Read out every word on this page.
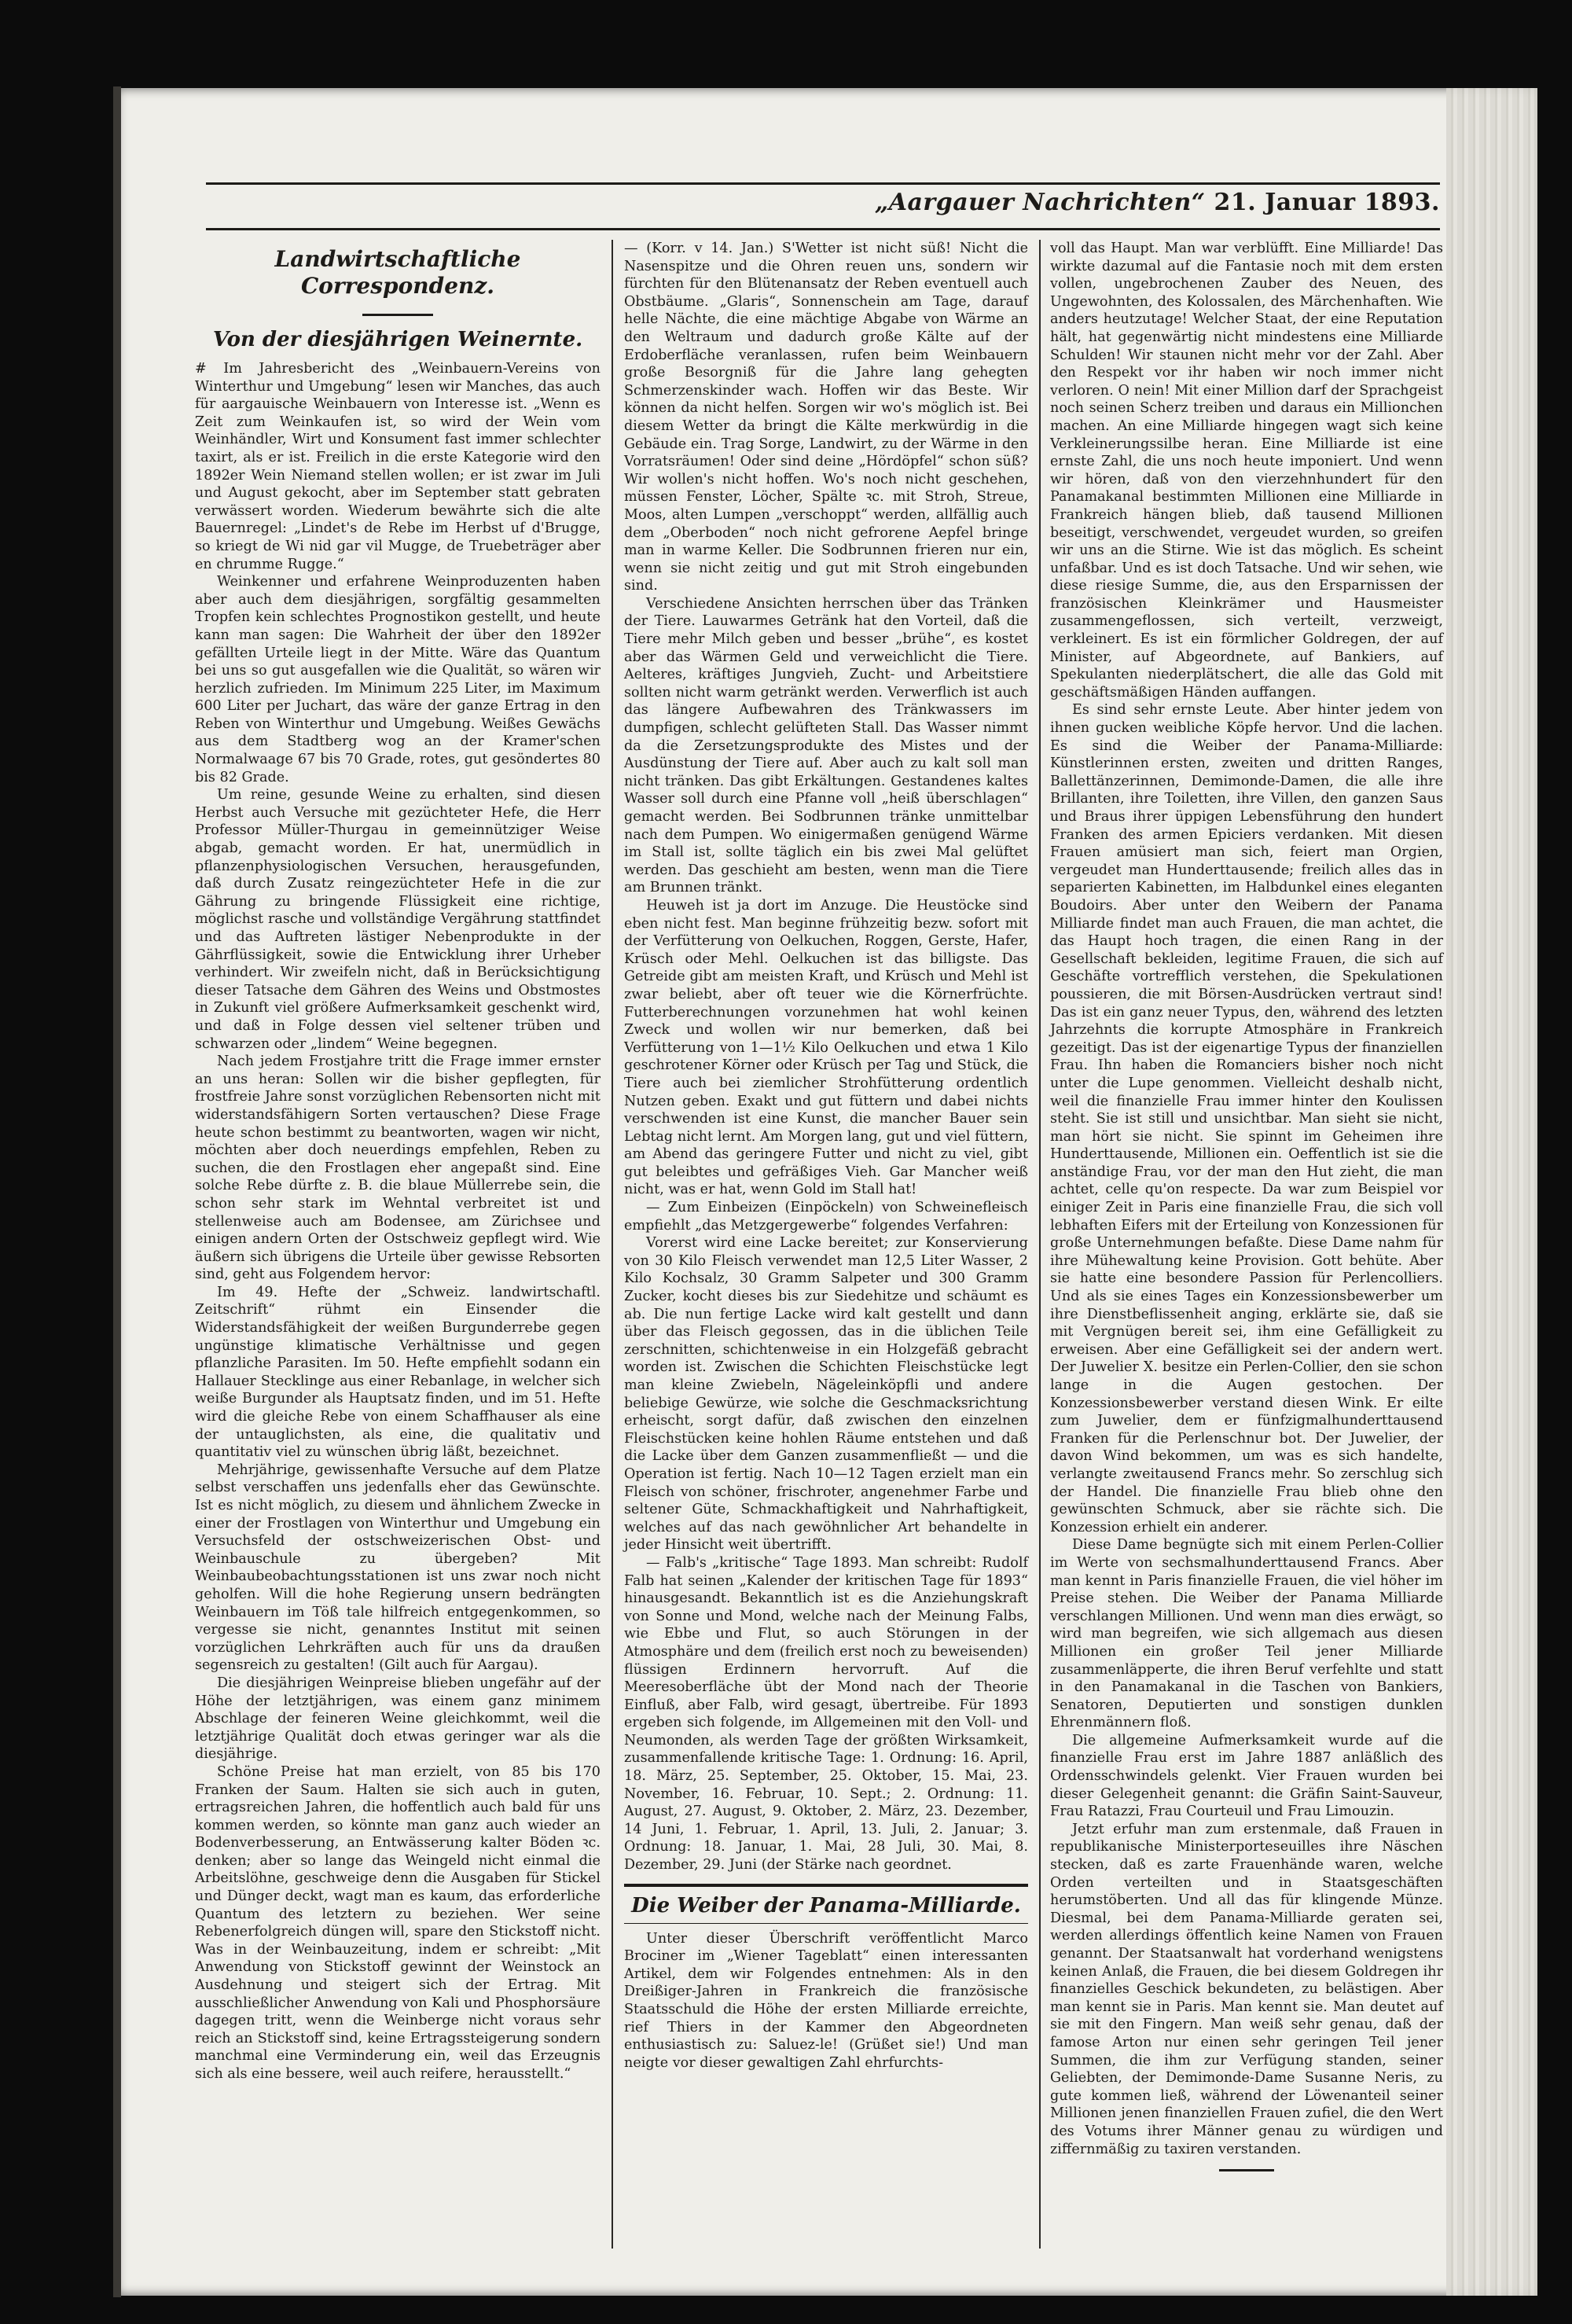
„Aargauer Nachrichten“ 21. Januar 1893.
Landwirtschaftliche Correspondenz.
Von der diesjährigen Weinernte.

# Im Jahresbericht des „Weinbauern-Vereins von Winterthur und Umgebung“ lesen wir Manches, das auch für aargauische Weinbauern von Interesse ist. „Wenn es Zeit zum Weinkaufen ist, so wird der Wein vom Weinhändler, Wirt und Konsument fast immer schlechter taxirt, als er ist. Freilich in die erste Kategorie wird den 1892er Wein Niemand stellen wollen; er ist zwar im Juli und August gekocht, aber im September statt gebraten verwässert worden. Wiederum bewährte sich die alte Bauernregel: „Lindet's de Rebe im Herbst uf d'Brugge, so kriegt de Wi nid gar vil Mugge, de Truebeträger aber en chrumme Rugge.“

Weinkenner und erfahrene Weinproduzenten haben aber auch dem diesjährigen, sorgfältig gesammelten Tropfen kein schlechtes Prognostikon gestellt, und heute kann man sagen: Die Wahrheit der über den 1892er gefällten Urteile liegt in der Mitte. Wäre das Quantum bei uns so gut ausgefallen wie die Qualität, so wären wir herzlich zufrieden. Im Minimum 225 Liter, im Maximum 600 Liter per Juchart, das wäre der ganze Ertrag in den Reben von Winterthur und Umgebung. Weißes Gewächs aus dem Stadtberg wog an der Kramer'schen Normalwaage 67 bis 70 Grade, rotes, gut gesöndertes 80 bis 82 Grade.

Um reine, gesunde Weine zu erhalten, sind diesen Herbst auch Versuche mit gezüchteter Hefe, die Herr Professor Müller-Thurgau in gemeinnütziger Weise abgab, gemacht worden. Er hat, unermüdlich in pflanzenphysiologischen Versuchen, herausgefunden, daß durch Zusatz reingezüchteter Hefe in die zur Gährung zu bringende Flüssigkeit eine richtige, möglichst rasche und vollständige Vergährung stattfindet und das Auftreten lästiger Nebenprodukte in der Gährflüssigkeit, sowie die Entwicklung ihrer Urheber verhindert. Wir zweifeln nicht, daß in Berücksichtigung dieser Tatsache dem Gähren des Weins und Obstmostes in Zukunft viel größere Aufmerksamkeit geschenkt wird, und daß in Folge dessen viel seltener trüben und schwarzen oder „lindem“ Weine begegnen.

Nach jedem Frostjahre tritt die Frage immer ernster an uns heran: Sollen wir die bisher gepflegten, für frostfreie Jahre sonst vorzüglichen Rebensorten nicht mit widerstandsfähigern Sorten vertauschen? Diese Frage heute schon bestimmt zu beantworten, wagen wir nicht, möchten aber doch neuerdings empfehlen, Reben zu suchen, die den Frostlagen eher angepaßt sind. Eine solche Rebe dürfte z. B. die blaue Müllerrebe sein, die schon sehr stark im Wehntal verbreitet ist und stellenweise auch am Bodensee, am Zürichsee und einigen andern Orten der Ostschweiz gepflegt wird. Wie äußern sich übrigens die Urteile über gewisse Rebsorten sind, geht aus Folgendem hervor:

Im 49. Hefte der „Schweiz. landwirtschaftl. Zeitschrift“ rühmt ein Einsender die Widerstandsfähigkeit der weißen Burgunderrebe gegen ungünstige klimatische Verhältnisse und gegen pflanzliche Parasiten. Im 50. Hefte empfiehlt sodann ein Hallauer Stecklinge aus einer Rebanlage, in welcher sich weiße Burgunder als Hauptsatz finden, und im 51. Hefte wird die gleiche Rebe von einem Schaffhauser als eine der untauglichsten, als eine, die qualitativ und quantitativ viel zu wünschen übrig läßt, bezeichnet.

Mehrjährige, gewissenhafte Versuche auf dem Platze selbst verschaffen uns jedenfalls eher das Gewünschte. Ist es nicht möglich, zu diesem und ähnlichem Zwecke in einer der Frostlagen von Winterthur und Umgebung ein Versuchsfeld der ostschweizerischen Obst- und Weinbauschule zu übergeben? Mit Weinbaubeobachtungsstationen ist uns zwar noch nicht geholfen. Will die hohe Regierung unsern bedrängten Weinbauern im Töß tale hilfreich entgegenkommen, so vergesse sie nicht, genanntes Institut mit seinen vorzüglichen Lehrkräften auch für uns da draußen segensreich zu gestalten! (Gilt auch für Aargau).

Die diesjährigen Weinpreise blieben ungefähr auf der Höhe der letztjährigen, was einem ganz minimem Abschlage der feineren Weine gleichkommt, weil die letztjährige Qualität doch etwas geringer war als die diesjährige.

Schöne Preise hat man erzielt, von 85 bis 170 Franken der Saum. Halten sie sich auch in guten, ertragsreichen Jahren, die hoffentlich auch bald für uns kommen werden, so könnte man ganz auch wieder an Bodenverbesserung, an Entwässerung kalter Böden ꝛc. denken; aber so lange das Weingeld nicht einmal die Arbeitslöhne, geschweige denn die Ausgaben für Stickel und Dünger deckt, wagt man es kaum, das erforderliche Quantum des letztern zu beziehen. Wer seine Rebenerfolgreich düngen will, spare den Stickstoff nicht. Was in der Weinbauzeitung, indem er schreibt: „Mit Anwendung von Stickstoff gewinnt der Weinstock an Ausdehnung und steigert sich der Ertrag. Mit ausschließlicher Anwendung von Kali und Phosphorsäure dagegen tritt, wenn die Weinberge nicht voraus sehr reich an Stickstoff sind, keine Ertragssteigerung sondern manchmal eine Verminderung ein, weil das Erzeugnis sich als eine bessere, weil auch reifere, herausstellt.“

— (Korr. v 14. Jan.) S'Wetter ist nicht süß! Nicht die Nasenspitze und die Ohren reuen uns, sondern wir fürchten für den Blütenansatz der Reben eventuell auch Obstbäume. „Glaris“, Sonnenschein am Tage, darauf helle Nächte, die eine mächtige Abgabe von Wärme an den Weltraum und dadurch große Kälte auf der Erdoberfläche veranlassen, rufen beim Weinbauern große Besorgniß für die Jahre lang gehegten Schmerzenskinder wach. Hoffen wir das Beste. Wir können da nicht helfen. Sorgen wir wo's möglich ist. Bei diesem Wetter da bringt die Kälte merkwürdig in die Gebäude ein. Trag Sorge, Landwirt, zu der Wärme in den Vorratsräumen! Oder sind deine „Hördöpfel“ schon süß? Wir wollen's nicht hoffen. Wo's noch nicht geschehen, müssen Fenster, Löcher, Spälte ꝛc. mit Stroh, Streue, Moos, alten Lumpen „verschoppt“ werden, allfällig auch dem „Oberboden“ noch nicht gefrorene Aepfel bringe man in warme Keller. Die Sodbrunnen frieren nur ein, wenn sie nicht zeitig und gut mit Stroh eingebunden sind.

Verschiedene Ansichten herrschen über das Tränken der Tiere. Lauwarmes Getränk hat den Vorteil, daß die Tiere mehr Milch geben und besser „brühe“, es kostet aber das Wärmen Geld und verweichlicht die Tiere. Aelteres, kräftiges Jungvieh, Zucht- und Arbeitstiere sollten nicht warm getränkt werden. Verwerflich ist auch das längere Aufbewahren des Tränkwassers im dumpfigen, schlecht gelüfteten Stall. Das Wasser nimmt da die Zersetzungsprodukte des Mistes und der Ausdünstung der Tiere auf. Aber auch zu kalt soll man nicht tränken. Das gibt Erkältungen. Gestandenes kaltes Wasser soll durch eine Pfanne voll „heiß überschlagen“ gemacht werden. Bei Sodbrunnen tränke unmittelbar nach dem Pumpen. Wo einigermaßen genügend Wärme im Stall ist, sollte täglich ein bis zwei Mal gelüftet werden. Das geschieht am besten, wenn man die Tiere am Brunnen tränkt.

Heuweh ist ja dort im Anzuge. Die Heustöcke sind eben nicht fest. Man beginne frühzeitig bezw. sofort mit der Verfütterung von Oelkuchen, Roggen, Gerste, Hafer, Krüsch oder Mehl. Oelkuchen ist das billigste. Das Getreide gibt am meisten Kraft, und Krüsch und Mehl ist zwar beliebt, aber oft teuer wie die Körnerfrüchte. Futterberechnungen vorzunehmen hat wohl keinen Zweck und wollen wir nur bemerken, daß bei Verfütterung von 1—1½ Kilo Oelkuchen und etwa 1 Kilo geschrotener Körner oder Krüsch per Tag und Stück, die Tiere auch bei ziemlicher Strohfütterung ordentlich Nutzen geben. Exakt und gut füttern und dabei nichts verschwenden ist eine Kunst, die mancher Bauer sein Lebtag nicht lernt. Am Morgen lang, gut und viel füttern, am Abend das geringere Futter und nicht zu viel, gibt gut beleibtes und gefräßiges Vieh. Gar Mancher weiß nicht, was er hat, wenn Gold im Stall hat!

— Zum Einbeizen (Einpöckeln) von Schweinefleisch empfiehlt „das Metzgergewerbe“ folgendes Verfahren:

Vorerst wird eine Lacke bereitet; zur Konservierung von 30 Kilo Fleisch verwendet man 12,5 Liter Wasser, 2 Kilo Kochsalz, 30 Gramm Salpeter und 300 Gramm Zucker, kocht dieses bis zur Siedehitze und schäumt es ab. Die nun fertige Lacke wird kalt gestellt und dann über das Fleisch gegossen, das in die üblichen Teile zerschnitten, schichtenweise in ein Holzgefäß gebracht worden ist. Zwischen die Schichten Fleischstücke legt man kleine Zwiebeln, Nägeleinköpfli und andere beliebige Gewürze, wie solche die Geschmacksrichtung erheischt, sorgt dafür, daß zwischen den einzelnen Fleischstücken keine hohlen Räume entstehen und daß die Lacke über dem Ganzen zusammenfließt — und die Operation ist fertig. Nach 10—12 Tagen erzielt man ein Fleisch von schöner, frischroter, angenehmer Farbe und seltener Güte, Schmackhaftigkeit und Nahrhaftigkeit, welches auf das nach gewöhnlicher Art behandelte in jeder Hinsicht weit übertrifft.

— Falb's „kritische“ Tage 1893. Man schreibt: Rudolf Falb hat seinen „Kalender der kritischen Tage für 1893“ hinausgesandt. Bekanntlich ist es die Anziehungskraft von Sonne und Mond, welche nach der Meinung Falbs, wie Ebbe und Flut, so auch Störungen in der Atmosphäre und dem (freilich erst noch zu beweisenden) flüssigen Erdinnern hervorruft. Auf die Meeresoberfläche übt der Mond nach der Theorie Einfluß, aber Falb, wird gesagt, übertreibe. Für 1893 ergeben sich folgende, im Allgemeinen mit den Voll- und Neumonden, als werden Tage der größten Wirksamkeit, zusammenfallende kritische Tage: 1. Ordnung: 16. April, 18. März, 25. September, 25. Oktober, 15. Mai, 23. November, 16. Februar, 10. Sept.; 2. Ordnung: 11. August, 27. August, 9. Oktober, 2. März, 23. Dezember, 14 Juni, 1. Februar, 1. April, 13. Juli, 2. Januar; 3. Ordnung: 18. Januar, 1. Mai, 28 Juli, 30. Mai, 8. Dezember, 29. Juni (der Stärke nach geordnet.

Die Weiber der Panama-Milliarde.

Unter dieser Überschrift veröffentlicht Marco Brociner im „Wiener Tageblatt“ einen interessanten Artikel, dem wir Folgendes entnehmen: Als in den Dreißiger-Jahren in Frankreich die französische Staatsschuld die Höhe der ersten Milliarde erreichte, rief Thiers in der Kammer den Abgeordneten enthusiastisch zu: Saluez-le! (Grüßet sie!) Und man neigte vor dieser gewaltigen Zahl ehrfurchts-

voll das Haupt. Man war verblüfft. Eine Milliarde! Das wirkte dazumal auf die Fantasie noch mit dem ersten vollen, ungebrochenen Zauber des Neuen, des Ungewohnten, des Kolossalen, des Märchenhaften. Wie anders heutzutage! Welcher Staat, der eine Reputation hält, hat gegenwärtig nicht mindestens eine Milliarde Schulden! Wir staunen nicht mehr vor der Zahl. Aber den Respekt vor ihr haben wir noch immer nicht verloren. O nein! Mit einer Million darf der Sprachgeist noch seinen Scherz treiben und daraus ein Millionchen machen. An eine Milliarde hingegen wagt sich keine Verkleinerungssilbe heran. Eine Milliarde ist eine ernste Zahl, die uns noch heute imponiert. Und wenn wir hören, daß von den vierzehnhundert für den Panamakanal bestimmten Millionen eine Milliarde in Frankreich hängen blieb, daß tausend Millionen beseitigt, verschwendet, vergeudet wurden, so greifen wir uns an die Stirne. Wie ist das möglich. Es scheint unfaßbar. Und es ist doch Tatsache. Und wir sehen, wie diese riesige Summe, die, aus den Ersparnissen der französischen Kleinkrämer und Hausmeister zusammengeflossen, sich verteilt, verzweigt, verkleinert. Es ist ein förmlicher Goldregen, der auf Minister, auf Abgeordnete, auf Bankiers, auf Spekulanten niederplätschert, die alle das Gold mit geschäftsmäßigen Händen auffangen.

Es sind sehr ernste Leute. Aber hinter jedem von ihnen gucken weibliche Köpfe hervor. Und die lachen. Es sind die Weiber der Panama-Milliarde: Künstlerinnen ersten, zweiten und dritten Ranges, Ballettänzerinnen, Demimonde-Damen, die alle ihre Brillanten, ihre Toiletten, ihre Villen, den ganzen Saus und Braus ihrer üppigen Lebensführung den hundert Franken des armen Epiciers verdanken. Mit diesen Frauen amüsiert man sich, feiert man Orgien, vergeudet man Hunderttausende; freilich alles das in separierten Kabinetten, im Halbdunkel eines eleganten Boudoirs. Aber unter den Weibern der Panama Milliarde findet man auch Frauen, die man achtet, die das Haupt hoch tragen, die einen Rang in der Gesellschaft bekleiden, legitime Frauen, die sich auf Geschäfte vortrefflich verstehen, die Spekulationen poussieren, die mit Börsen-Ausdrücken vertraut sind! Das ist ein ganz neuer Typus, den, während des letzten Jahrzehnts die korrupte Atmosphäre in Frankreich gezeitigt. Das ist der eigenartige Typus der finanziellen Frau. Ihn haben die Romanciers bisher noch nicht unter die Lupe genommen. Vielleicht deshalb nicht, weil die finanzielle Frau immer hinter den Koulissen steht. Sie ist still und unsichtbar. Man sieht sie nicht, man hört sie nicht. Sie spinnt im Geheimen ihre Hunderttausende, Millionen ein. Oeffentlich ist sie die anständige Frau, vor der man den Hut zieht, die man achtet, celle qu'on respecte. Da war zum Beispiel vor einiger Zeit in Paris eine finanzielle Frau, die sich voll lebhaften Eifers mit der Erteilung von Konzessionen für große Unternehmungen befaßte. Diese Dame nahm für ihre Mühewaltung keine Provision. Gott behüte. Aber sie hatte eine besondere Passion für Perlencolliers. Und als sie eines Tages ein Konzessionsbewerber um ihre Dienstbeflissenheit anging, erklärte sie, daß sie mit Vergnügen bereit sei, ihm eine Gefälligkeit zu erweisen. Aber eine Gefälligkeit sei der andern wert. Der Juwelier X. besitze ein Perlen-Collier, den sie schon lange in die Augen gestochen. Der Konzessionsbewerber verstand diesen Wink. Er eilte zum Juwelier, dem er fünfzigmalhunderttausend Franken für die Perlenschnur bot. Der Juwelier, der davon Wind bekommen, um was es sich handelte, verlangte zweitausend Francs mehr. So zerschlug sich der Handel. Die finanzielle Frau blieb ohne den gewünschten Schmuck, aber sie rächte sich. Die Konzession erhielt ein anderer.

Diese Dame begnügte sich mit einem Perlen-Collier im Werte von sechsmalhunderttausend Francs. Aber man kennt in Paris finanzielle Frauen, die viel höher im Preise stehen. Die Weiber der Panama Milliarde verschlangen Millionen. Und wenn man dies erwägt, so wird man begreifen, wie sich allgemach aus diesen Millionen ein großer Teil jener Milliarde zusammenläpperte, die ihren Beruf verfehlte und statt in den Panamakanal in die Taschen von Bankiers, Senatoren, Deputierten und sonstigen dunklen Ehrenmännern floß.

Die allgemeine Aufmerksamkeit wurde auf die finanzielle Frau erst im Jahre 1887 anläßlich des Ordensschwindels gelenkt. Vier Frauen wurden bei dieser Gelegenheit genannt: die Gräfin Saint-Sauveur, Frau Ratazzi, Frau Courteuil und Frau Limouzin.

Jetzt erfuhr man zum erstenmale, daß Frauen in republikanische Ministerporteseuilles ihre Näschen stecken, daß es zarte Frauenhände waren, welche Orden verteilten und in Staatsgeschäften herumstöberten. Und all das für klingende Münze. Diesmal, bei dem Panama-Milliarde geraten sei, werden allerdings öffentlich keine Namen von Frauen genannt. Der Staatsanwalt hat vorderhand wenigstens keinen Anlaß, die Frauen, die bei diesem Goldregen ihr finanzielles Geschick bekundeten, zu belästigen. Aber man kennt sie in Paris. Man kennt sie. Man deutet auf sie mit den Fingern. Man weiß sehr genau, daß der famose Arton nur einen sehr geringen Teil jener Summen, die ihm zur Verfügung standen, seiner Geliebten, der Demimonde-Dame Susanne Neris, zu gute kommen ließ, während der Löwenanteil seiner Millionen jenen finanziellen Frauen zufiel, die den Wert des Votums ihrer Männer genau zu würdigen und ziffernmäßig zu taxiren verstanden.
